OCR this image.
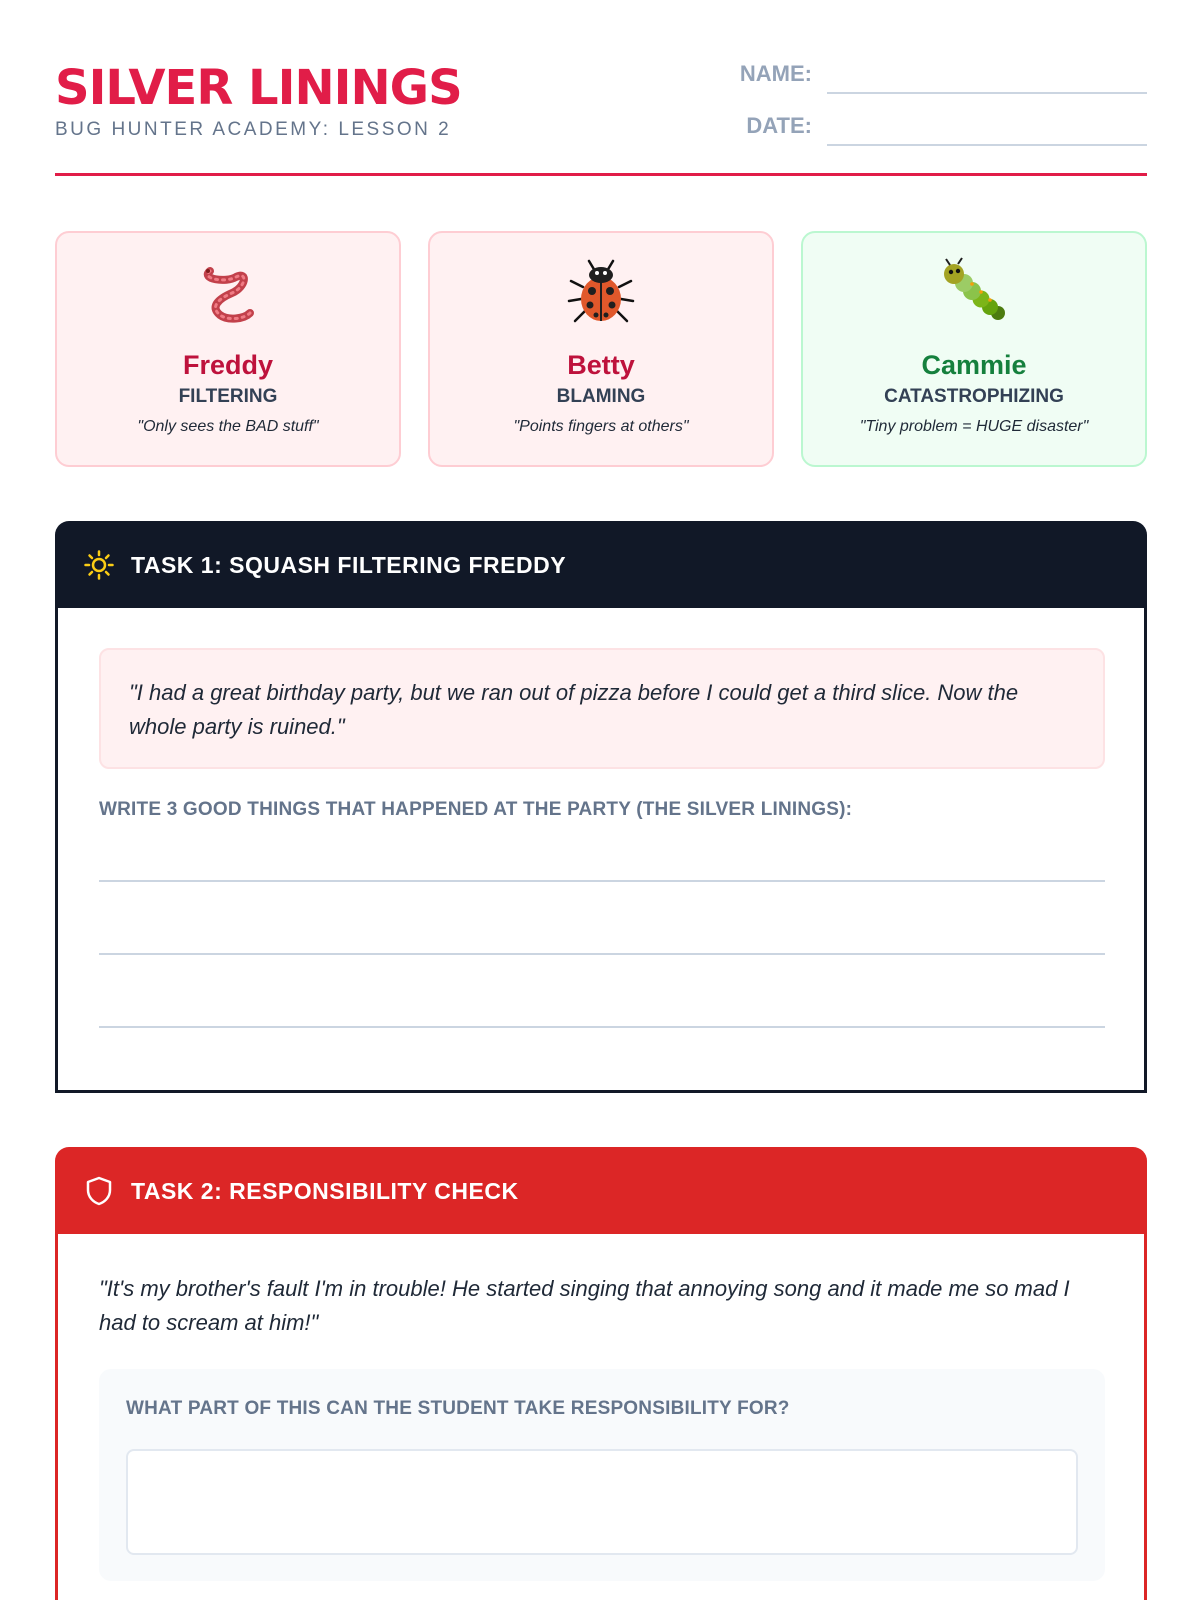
SILVER LININGS
BUG HUNTER ACADEMY: LESSON 2
NAME:
DATE:
Freddy
FILTERING
"Only sees the BAD stuff"
Betty
BLAMING
"Points fingers at others"
Cammie
CATASTROPHIZING
"Tiny problem = HUGE disaster"
TASK 1: SQUASH FILTERING FREDDY
"I had a great birthday party, but we ran out of pizza before I could get a third slice. Now the whole party is ruined."
WRITE 3 GOOD THINGS THAT HAPPENED AT THE PARTY (THE SILVER LININGS):
TASK 2: RESPONSIBILITY CHECK
"It's my brother's fault I'm in trouble! He started singing that annoying song and it made me so mad I had to scream at him!"
WHAT PART OF THIS CAN THE STUDENT TAKE RESPONSIBILITY FOR?
